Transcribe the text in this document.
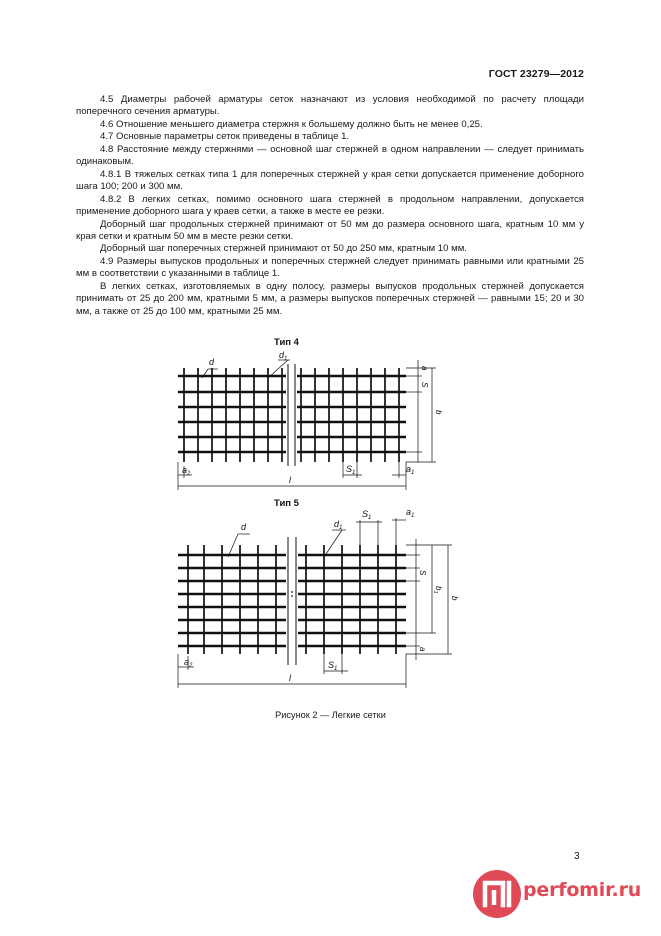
ГОСТ 23279—2012

4.5 Диаметры рабочей арматуры сеток назначают из условия необходимой по расчету площади поперечного сечения арматуры.

4.6 Отношение меньшего диаметра стержня к большему должно быть не менее 0,25.

4.7 Основные параметры сеток приведены в таблице 1.

4.8 Расстояние между стержнями — основной шаг стержней в одном направлении — следует принимать одинаковым.

4.8.1 В тяжелых сетках типа 1 для поперечных стержней у края сетки допускается применение доборного шага 100; 200 и 300 мм.

4.8.2 В легких сетках, помимо основного шага стержней в продольном направлении, допускается применение доборного шага у краев сетки, а также в месте ее резки.

Доборный шаг продольных стержней принимают от 50 мм до размера основного шага, кратным 10 мм у края сетки и кратным 50 мм в месте резки сетки.

Доборный шаг поперечных стержней принимают от 50 до 250 мм, кратным 10 мм.

4.9 Размеры выпусков продольных и поперечных стержней следует принимать равными или кратными 25 мм в соответствии с указанными в таблице 1.

В легких сетках, изготовляемых в одну полосу, размеры выпусков продольных стержней допускается принимать от 25 до 200 мм, кратными 5 мм, а размеры выпусков поперечных стержней — равными 15; 20 и 30 мм, а также от 25 до 100 мм, кратными 25 мм.

Тип 4
d
$d_1$
a
S
b
$a_2$	$S_1$	$a_1$
l
Тип 5
d	$d_1$
$S_1$
$a_1$
S
$b_1$
b
a
$a_2$	$S_1$
l
Рисунок 2 — Легкие сетки
3
perfomir.ru
